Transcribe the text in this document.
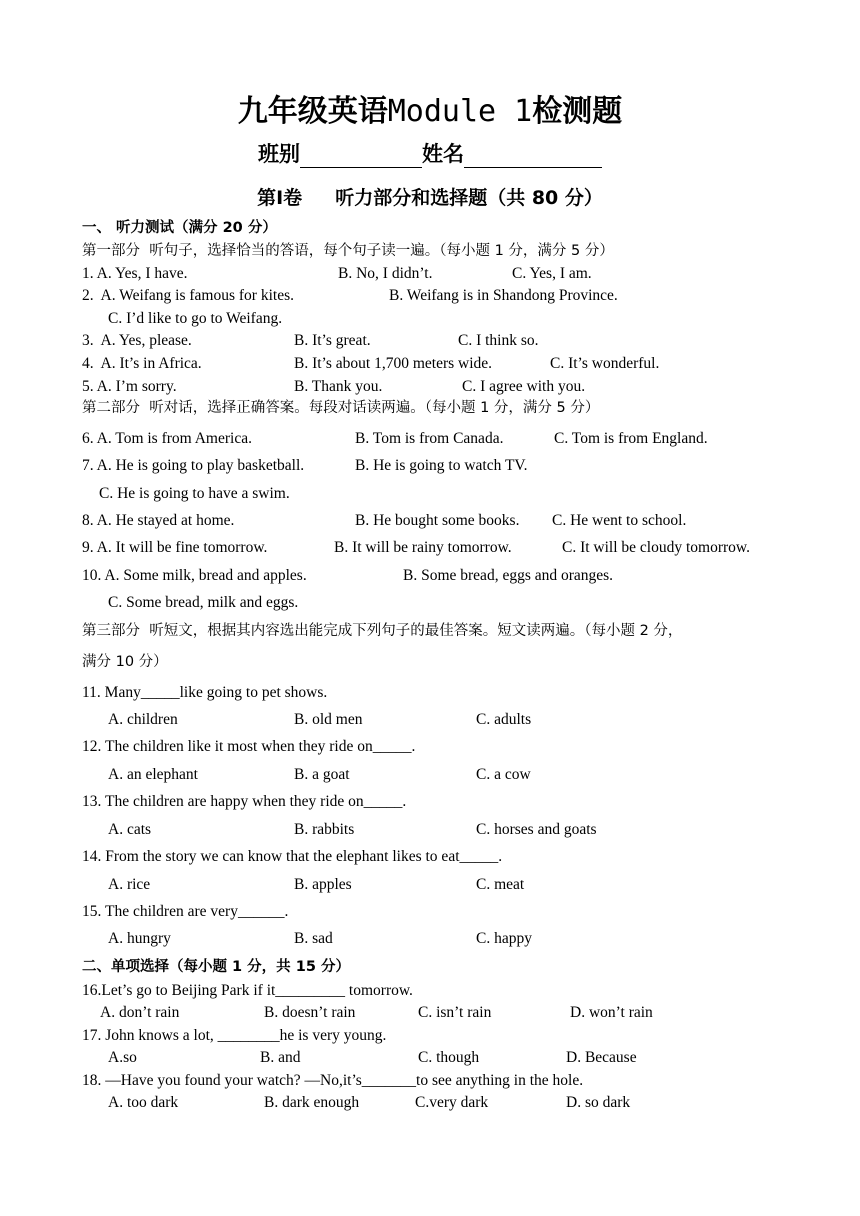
九年级英语Module 1检测题
班别	姓名
第Ⅰ卷     听力部分和选择题（共 80 分）
一、 听力测试（满分 20 分）
第一部分  听句子，选择恰当的答语，每个句子读一遍。（每小题 1 分，满分 5 分）
1. A. Yes, I have.	B. No, I didn’t.	C. Yes, I am.
2.  A. Weifang is famous for kites.	B. Weifang is in Shandong Province.
C. I’d like to go to Weifang.
3.  A. Yes, please.	B. It’s great.	C. I think so.
4.  A. It’s in Africa.	B. It’s about 1,700 meters wide.	C. It’s wonderful.
5. A. I’m sorry.	B. Thank you.	C. I agree with you.
第二部分  听对话，选择正确答案。每段对话读两遍。（每小题 1 分，满分 5 分）
6. A. Tom is from America.	B. Tom is from Canada.	C. Tom is from England.
7. A. He is going to play basketball.	B. He is going to watch TV.
C. He is going to have a swim.
8. A. He stayed at home.	B. He bought some books. C. He went to school.
9. A. It will be fine tomorrow.	B. It will be rainy tomorrow.	C. It will be cloudy tomorrow.
10. A. Some milk, bread and apples.	B. Some bread, eggs and oranges.
C. Some bread, milk and eggs.
第三部分  听短文，根据其内容选出能完成下列句子的最佳答案。短文读两遍。（每小题 2 分，
满分 10 分）
11. Many_____like going to pet shows.
A. children	B. old men	C. adults
12. The children like it most when they ride on_____.
A. an elephant	B. a goat	C. a cow
13. The children are happy when they ride on_____.
A. cats	B. rabbits	C. horses and goats
14. From the story we can know that the elephant likes to eat_____.
A. rice	B. apples	C. meat
15. The children are very______.
A. hungry	B. sad	C. happy
二、单项选择（每小题 1 分，共 15 分）
16.Let’s go to Beijing Park if it_________ tomorrow.
A. don’t rain	B. doesn’t rain	C. isn’t rain	D. won’t rain
17. John knows a lot, ________he is very young.
A.so	B. and	C. though	D. Because
18. —Have you found your watch? —No,it’s_______to see anything in the hole.
A. too dark	B. dark enough	C.very dark	D. so dark
